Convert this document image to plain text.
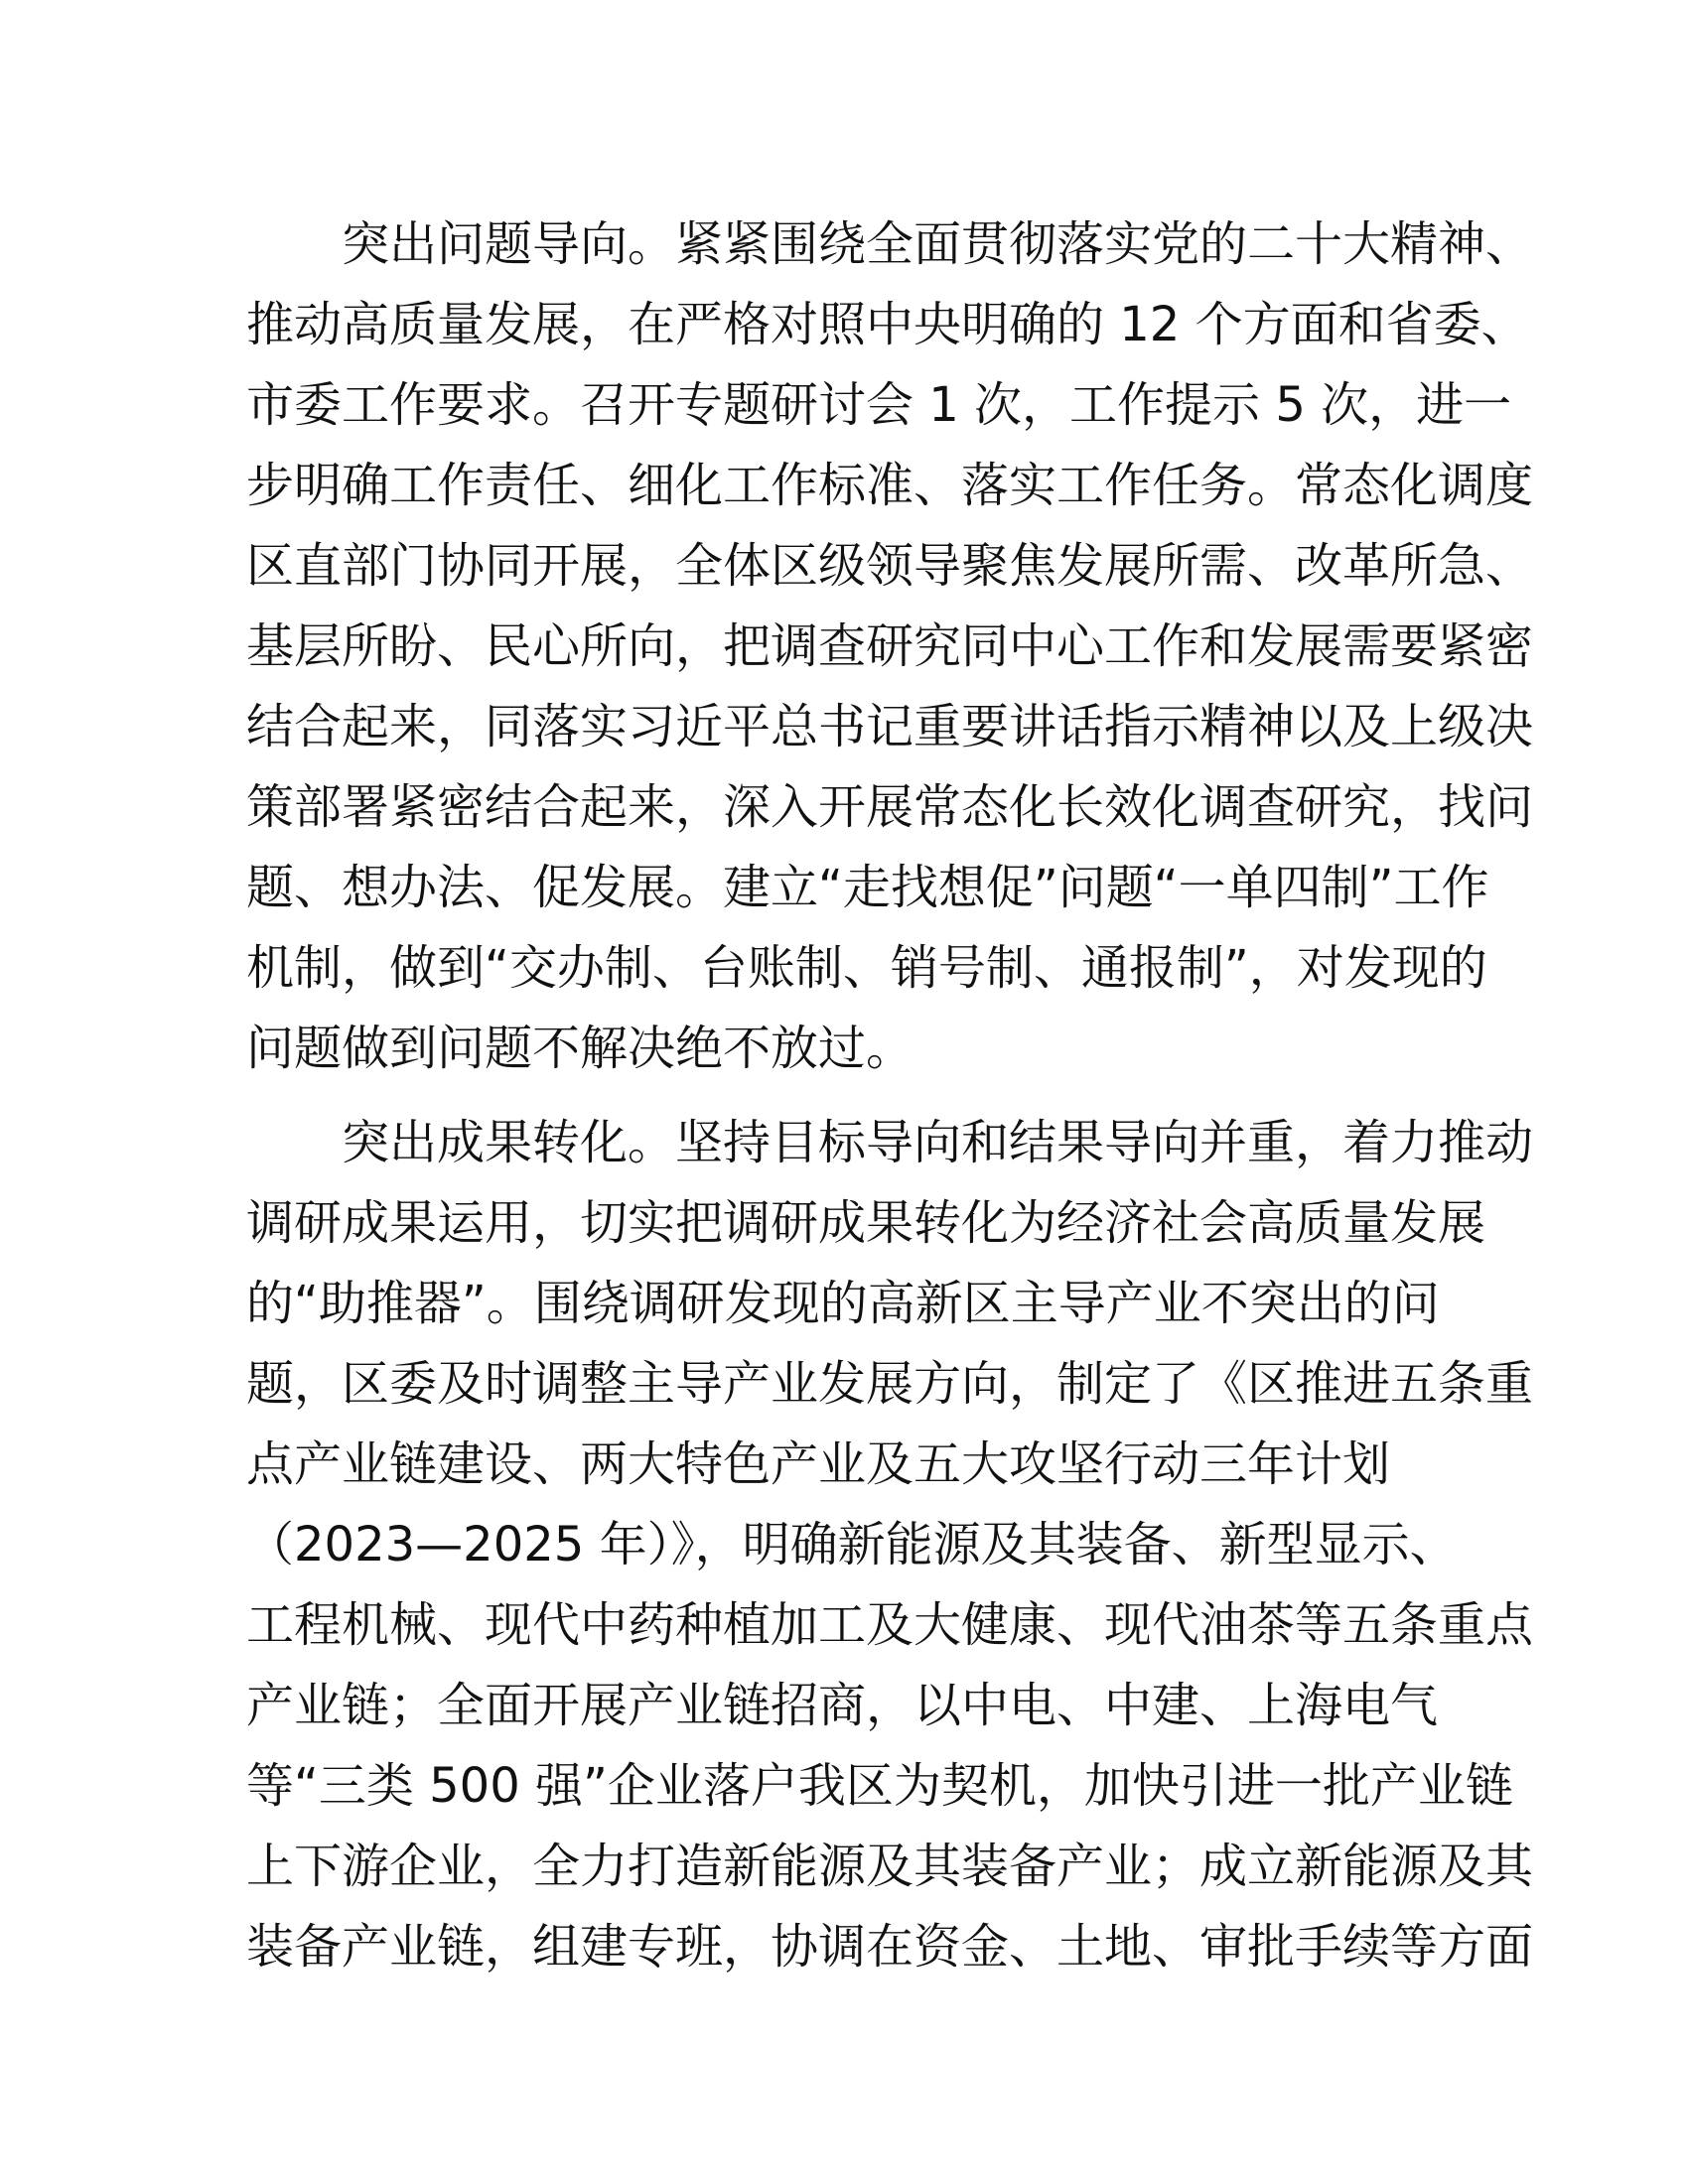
突出问题导向。紧紧围绕全面贯彻落实党的二十大精神、
推动高质量发展，在严格对照中央明确的 12 个方面和省委、
市委工作要求。召开专题研讨会 1 次，工作提示 5 次，进一
步明确工作责任、细化工作标准、落实工作任务。常态化调度
区直部门协同开展，全体区级领导聚焦发展所需、改革所急、
基层所盼、民心所向，把调查研究同中心工作和发展需要紧密
结合起来，同落实习近平总书记重要讲话指示精神以及上级决
策部署紧密结合起来，深入开展常态化长效化调查研究，找问
题、想办法、促发展。建立“走找想促”问题“一单四制”工作
机制，做到“交办制、台账制、销号制、通报制”，对发现的
问题做到问题不解决绝不放过。
突出成果转化。坚持目标导向和结果导向并重，着力推动
调研成果运用，切实把调研成果转化为经济社会高质量发展
的“助推器”。围绕调研发现的高新区主导产业不突出的问
题，区委及时调整主导产业发展方向，制定了《区推进五条重
点产业链建设、两大特色产业及五大攻坚行动三年计划
（2023—2025 年）》，明确新能源及其装备、新型显示、
工程机械、现代中药种植加工及大健康、现代油茶等五条重点
产业链；全面开展产业链招商，以中电、中建、上海电气
等“三类 500 强”企业落户我区为契机，加快引进一批产业链
上下游企业，全力打造新能源及其装备产业；成立新能源及其
装备产业链，组建专班，协调在资金、土地、审批手续等方面
